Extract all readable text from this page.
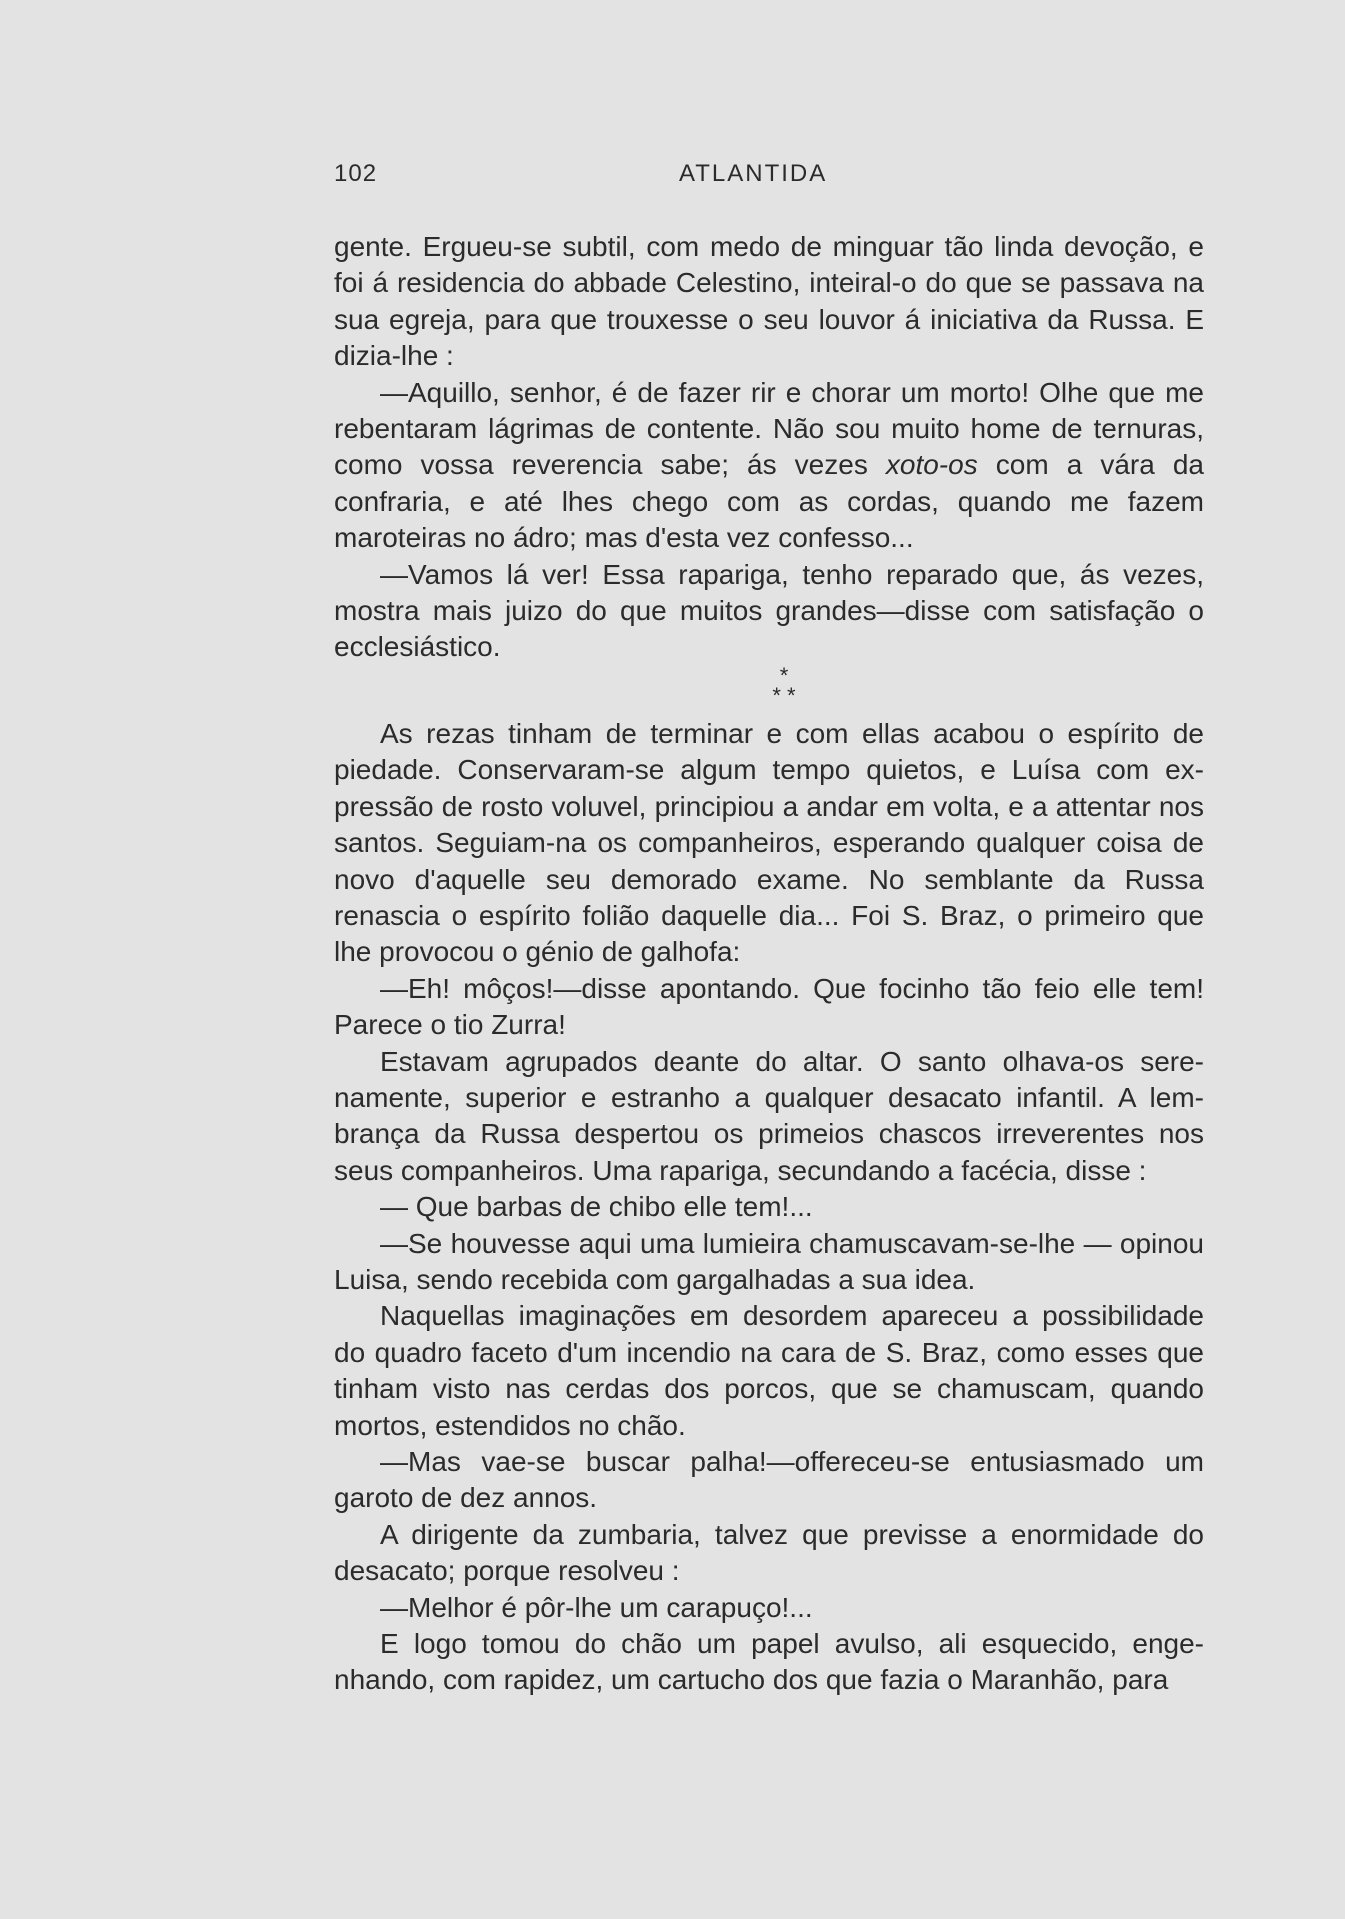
102	ATLANTIDA

gente. Ergueu-se subtil, com medo de minguar tão linda devoção, e foi á residencia do abbade Celestino, inteiral-o do que se passava na sua egreja, para que trouxesse o seu louvor á iniciativa da Russa. E dizia-lhe :

—Aquillo, senhor, é de fazer rir e chorar um morto! Olhe que me rebentaram lágrimas de contente. Não sou muito home de ternuras, como vossa reverencia sabe; ás vezes xoto-os com a vára da confraria, e até lhes chego com as cordas, quando me fazem maroteiras no ádro; mas d'esta vez confesso...

—Vamos lá ver! Essa rapariga, tenho reparado que, ás vezes, mostra mais juizo do que muitos grandes—disse com satisfação o ecclesiástico.

*
* *

As rezas tinham de terminar e com ellas acabou o espírito de piedade. Conservaram-se algum tempo quietos, e Luísa com expressão de rosto voluvel, principiou a andar em volta, e a attentar nos santos. Seguiam-na os companheiros, esperando qualquer coisa de novo d'aquelle seu demorado exame. No semblante da Russa renascia o espírito folião daquelle dia... Foi S. Braz, o primeiro que lhe provocou o génio de galhofa:

—Eh! môços!—disse apontando. Que focinho tão feio elle tem! Parece o tio Zurra!

Estavam agrupados deante do altar. O santo olhava-os serenamente, superior e estranho a qualquer desacato infantil. A lembrança da Russa despertou os primeios chascos irreverentes nos seus companheiros. Uma rapariga, secundando a facécia, disse :

— Que barbas de chibo elle tem!...

—Se houvesse aqui uma lumieira chamuscavam-se-lhe — opinou Luisa, sendo recebida com gargalhadas a sua idea.

Naquellas imaginações em desordem apareceu a possibilidade do quadro faceto d'um incendio na cara de S. Braz, como esses que tinham visto nas cerdas dos porcos, que se chamuscam, quando mortos, estendidos no chão.

—Mas vae-se buscar palha!—offereceu-se entusiasmado um garoto de dez annos.

A dirigente da zumbaria, talvez que previsse a enormidade do desacato; porque resolveu :

—Melhor é pôr-lhe um carapuço!...

E logo tomou do chão um papel avulso, ali esquecido, engenhando, com rapidez, um cartucho dos que fazia o Maranhão, para
